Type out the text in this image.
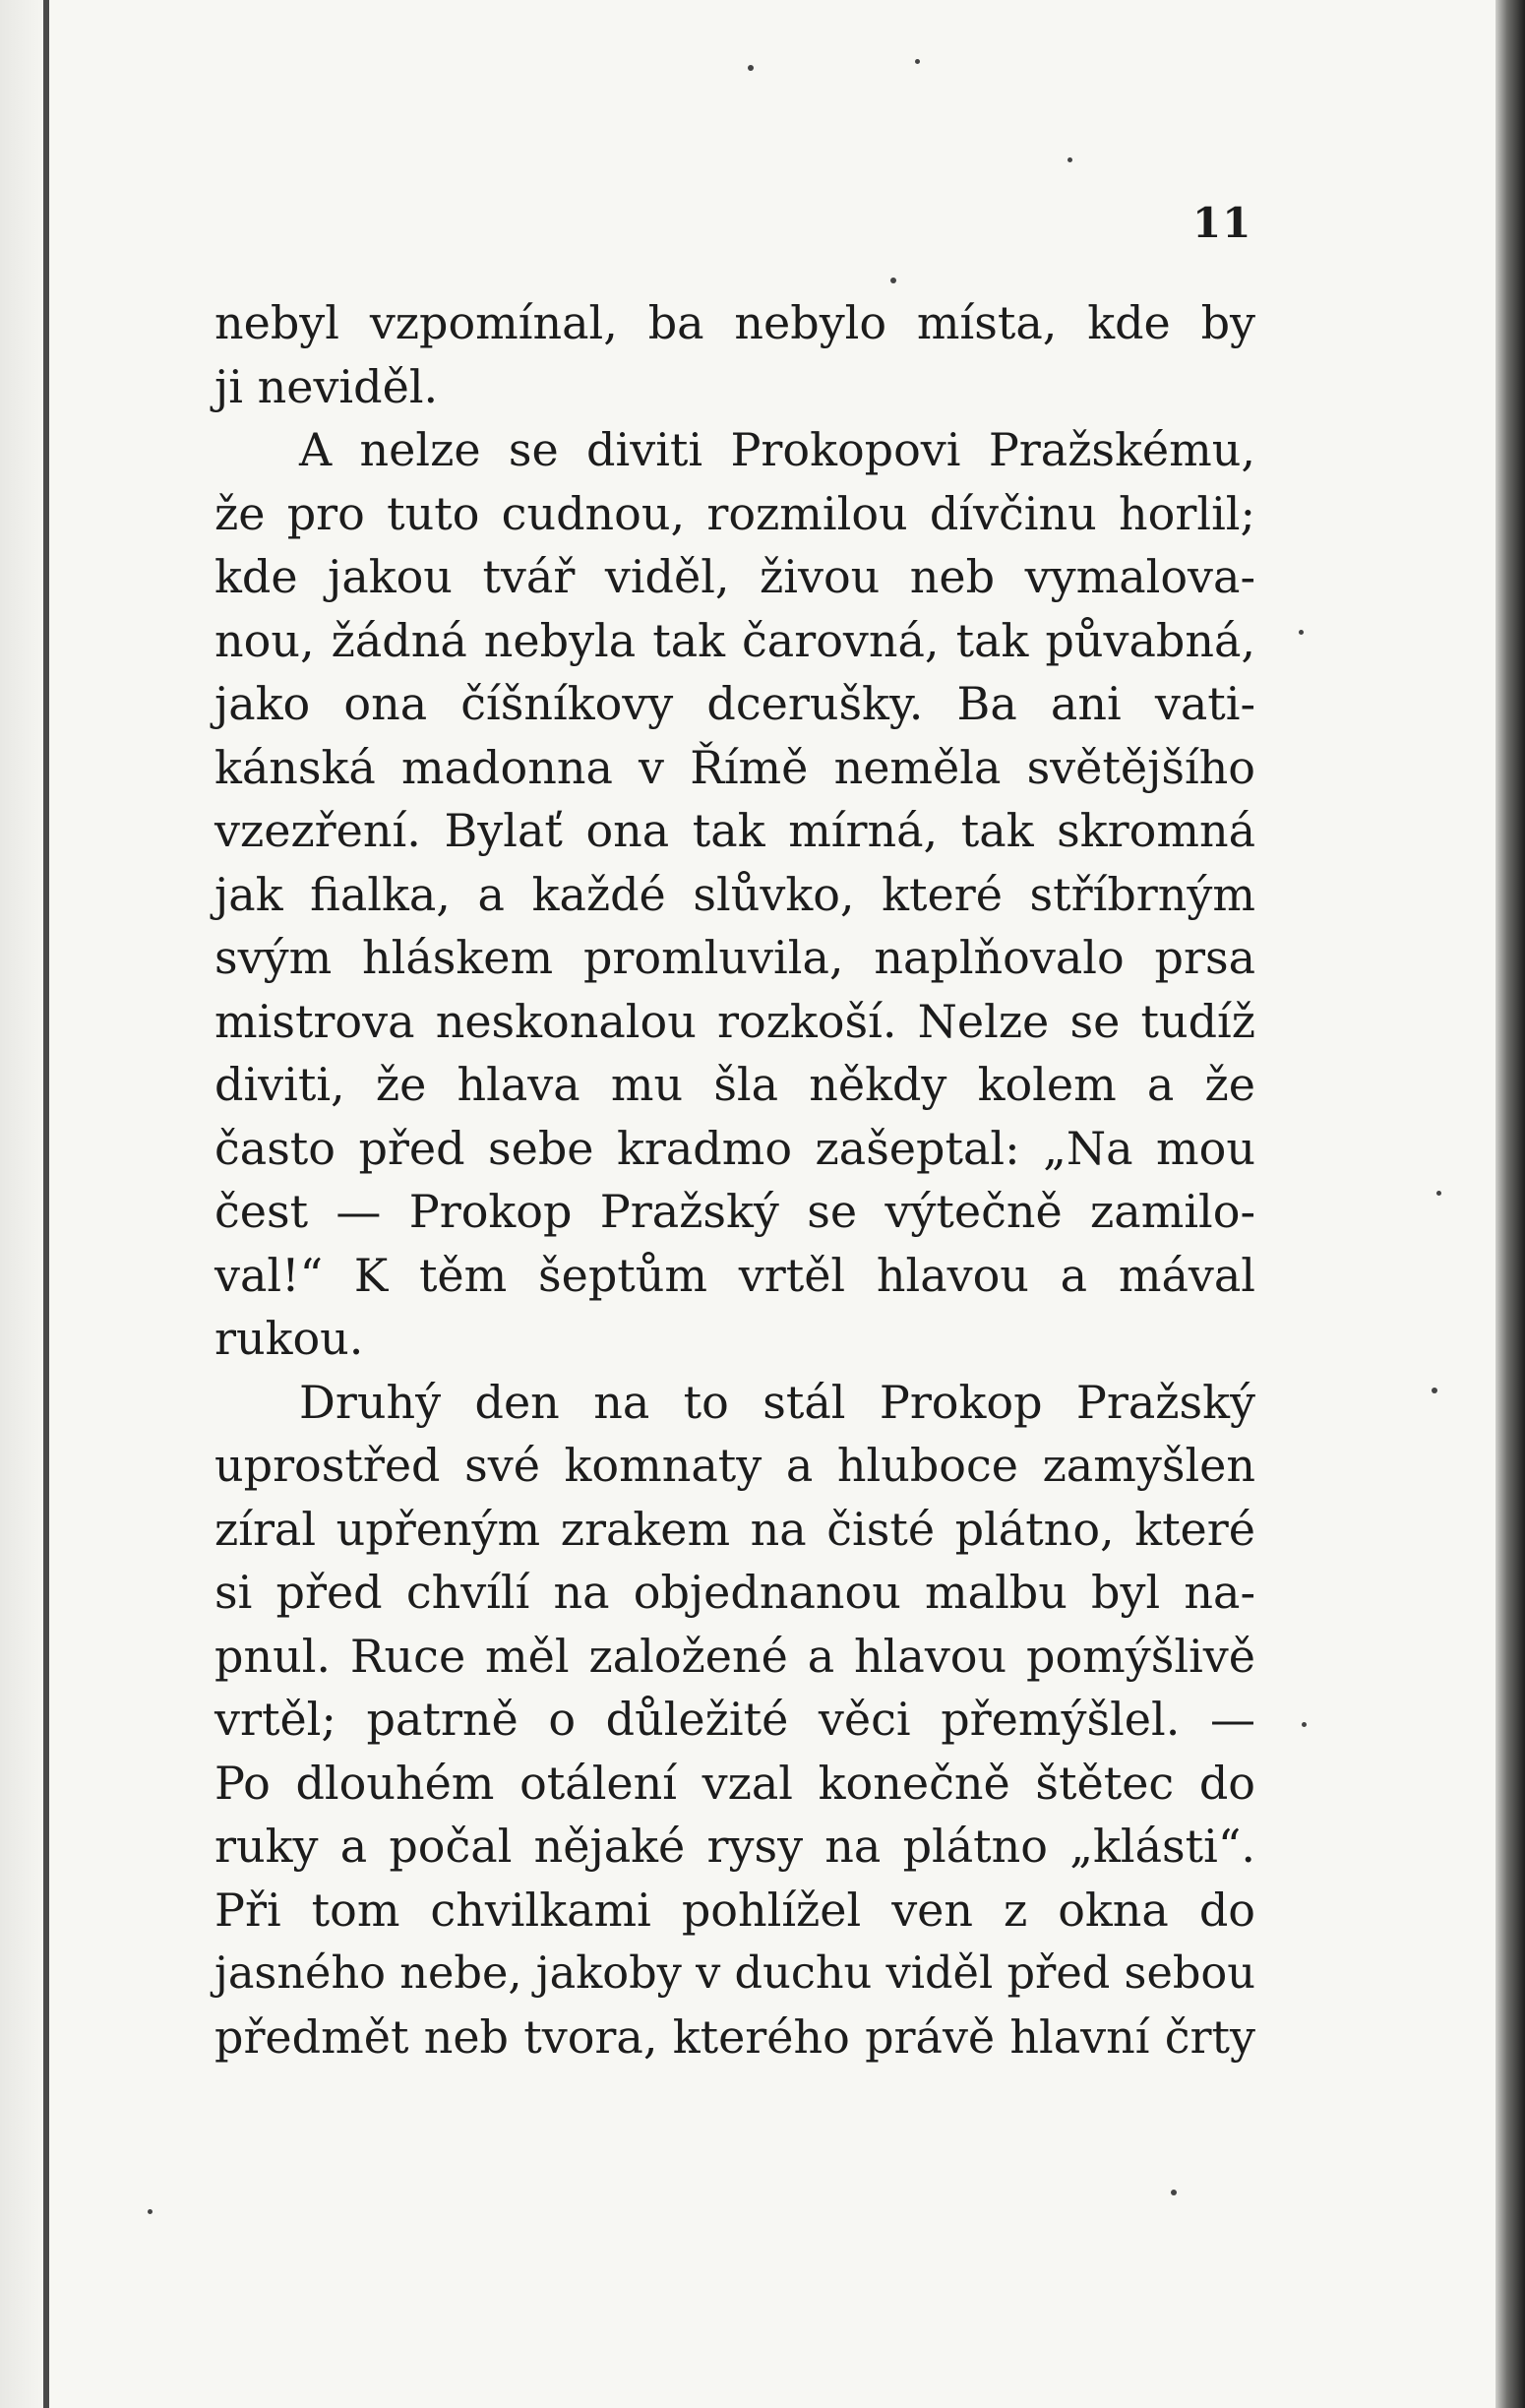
11
nebyl vzpomínal, ba nebylo místa, kde by
ji neviděl.
A nelze se diviti Prokopovi Pražskému,
že pro tuto cudnou, rozmilou dívčinu horlil;
kde jakou tvář viděl, živou neb vymalova-
nou, žádná nebyla tak čarovná, tak půvabná,
jako ona číšníkovy dcerušky. Ba ani vati-
kánská madonna v Římě neměla světějšího
vzezření. Bylať ona tak mírná, tak skromná
jak fialka, a každé slůvko, které stříbrným
svým hláskem promluvila, naplňovalo prsa
mistrova neskonalou rozkoší. Nelze se tudíž
diviti, že hlava mu šla někdy kolem a že
často před sebe kradmo zašeptal: „Na mou
čest — Prokop Pražský se výtečně zamilo-
val!“ K těm šeptům vrtěl hlavou a mával
rukou.
Druhý den na to stál Prokop Pražský
uprostřed své komnaty a hluboce zamyšlen
zíral upřeným zrakem na čisté plátno, které
si před chvílí na objednanou malbu byl na-
pnul. Ruce měl založené a hlavou pomýšlivě
vrtěl; patrně o důležité věci přemýšlel. —
Po dlouhém otálení vzal konečně štětec do
ruky a počal nějaké rysy na plátno „klásti“.
Při tom chvilkami pohlížel ven z okna do
jasného nebe, jakoby v duchu viděl před sebou
předmět neb tvora, kterého právě hlavní črty
